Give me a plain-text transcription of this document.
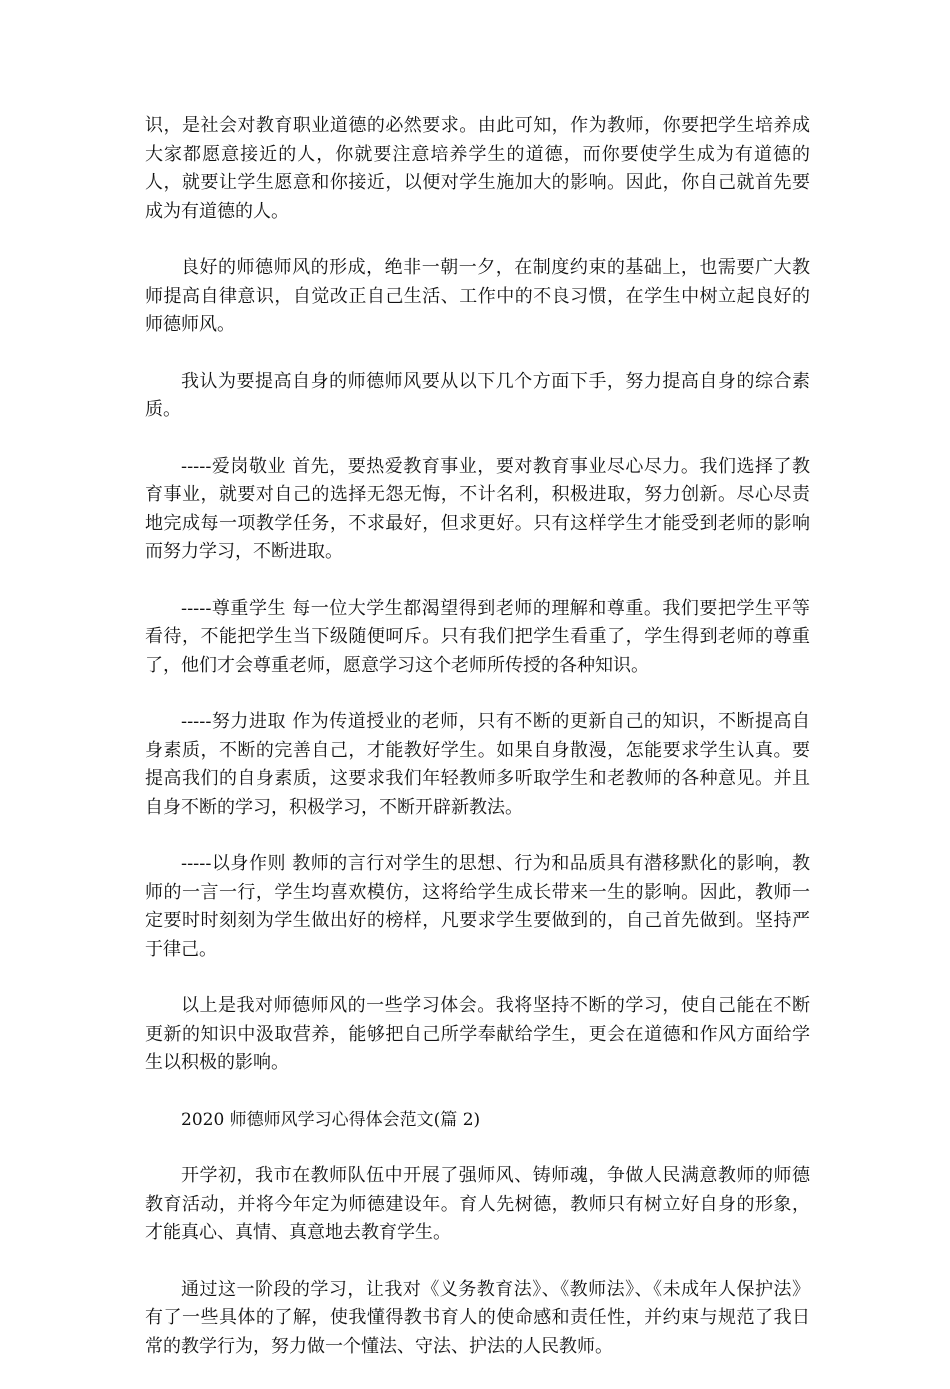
识，是社会对教育职业道德的必然要求。由此可知，作为教师，你要把学生培养成大家都愿意接近的人，你就要注意培养学生的道德，而你要使学生成为有道德的人，就要让学生愿意和你接近，以便对学生施加大的影响。因此，你自己就首先要成为有道德的人。

良好的师德师风的形成，绝非一朝一夕，在制度约束的基础上，也需要广大教师提高自律意识，自觉改正自己生活、工作中的不良习惯，在学生中树立起良好的师德师风。

我认为要提高自身的师德师风要从以下几个方面下手，努力提高自身的综合素质。

-----爱岗敬业 首先，要热爱教育事业，要对教育事业尽心尽力。我们选择了教育事业，就要对自己的选择无怨无悔，不计名利，积极进取，努力创新。尽心尽责地完成每一项教学任务，不求最好，但求更好。只有这样学生才能受到老师的影响而努力学习，不断进取。

-----尊重学生 每一位大学生都渴望得到老师的理解和尊重。我们要把学生平等看待，不能把学生当下级随便呵斥。只有我们把学生看重了，学生得到老师的尊重了，他们才会尊重老师，愿意学习这个老师所传授的各种知识。

-----努力进取 作为传道授业的老师，只有不断的更新自己的知识，不断提高自身素质，不断的完善自己，才能教好学生。如果自身散漫，怎能要求学生认真。要提高我们的自身素质，这要求我们年轻教师多听取学生和老教师的各种意见。并且自身不断的学习，积极学习，不断开辟新教法。

-----以身作则 教师的言行对学生的思想、行为和品质具有潜移默化的影响，教师的一言一行，学生均喜欢模仿，这将给学生成长带来一生的影响。因此，教师一定要时时刻刻为学生做出好的榜样，凡要求学生要做到的，自己首先做到。坚持严于律己。

以上是我对师德师风的一些学习体会。我将坚持不断的学习，使自己能在不断更新的知识中汲取营养，能够把自己所学奉献给学生，更会在道德和作风方面给学生以积极的影响。

2020 师德师风学习心得体会范文(篇 2)

开学初，我市在教师队伍中开展了强师风、铸师魂，争做人民满意教师的师德教育活动，并将今年定为师德建设年。育人先树德，教师只有树立好自身的形象，才能真心、真情、真意地去教育学生。

通过这一阶段的学习，让我对《义务教育法》、《教师法》、《未成年人保护法》有了一些具体的了解，使我懂得教书育人的使命感和责任性，并约束与规范了我日常的教学行为，努力做一个懂法、守法、护法的人民教师。
